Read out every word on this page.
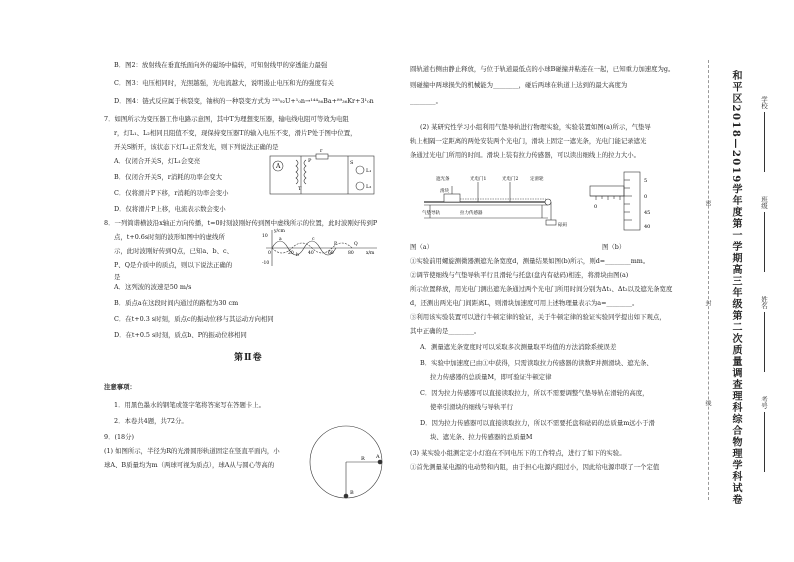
B．图2：放射线在垂直纸面向外的磁场中偏转，可知射线甲的穿透能力最强
C．图3：电压相同时，光照越强，光电流越大，说明遏止电压和光的强度有关
D．图4：链式反应属于核裂变，铀核的一种裂变方式为 ²³⁵₉₂U+¹₀n→¹⁴⁴₅₆Ba+⁸⁹₃₆Kr+3¹₀n
7．如图所示为变压器工作电路示意图，其中T为理想变压器，输电线电阻可等效为电阻
r，灯L₁、L₂相同且阻值不变，现保持变压器T的输入电压不变，滑片P处于图中位置，
开关S断开，该状态下灯L₁正常发光，则下列说法正确的是
A．仅闭合开关S，灯L₁会变亮
B．仅闭合开关S，r消耗的功率会变大
C．仅将滑片P下移，r消耗的功率会变小
D．仅将滑片P上移，电流表示数会变小
8．一列简谐横波沿x轴正方向传播，t=0时刻波刚好传到图中虚线所示的位置，此时波刚好传到P
点，t+0.6s时刻的波形如图中的虚线所
示，此时波刚好传到Q点，已知a、b、c、
P、Q是介质中的质点，则以下说法正确的
是
A．这列波的波速是50 m/s
B．质点a在这段时间内通过的路程为30 cm
C．在t+0.3 s时刻，质点c的振动位移与其运动方向相同
D．在t+0.5 s时刻，质点b、P的振动位移相同
第Ⅱ卷
注意事项：
1．用黑色墨水的钢笔或签字笔将答案写在答题卡上。
2．本卷共4题，共72分。
9．(18分)
(1) 如图所示，半径为R的光滑圆形轨道固定在竖直平面内，小
球A、B质量均为m（两球可视为质点），球A从与圆心等高的
A
T
P
r
S
L₁
L₂
y/cm
10
a
b
c
P	Q
0	20	40	60	80	x/m
-10
A
R
B
圆轨道右侧由静止释放，与位于轨道最低点的小球B碰撞并粘连在一起，已知重力加速度为g。
则碰撞中两球损失的机械能为________，碰后两球在轨道上达到的最大高度为
________。
(2) 某研究性学习小组利用气垫导轨进行物理实验，实验装置如图(a)所示，气垫导
轨上相隔一定距离的两处安装两个光电门，滑块上固定一遮光条，光电门能记录遮光
条通过光电门所用的时间。滑块上装有拉力传感器，可以读出细线上的拉力大小。
图（a）	图（b）
①实验前用螺旋测微器测遮光条宽度d，测量结果如图(b)所示，则d=________mm。
②调节使细线与气垫导轨平行且滑轮与托盘(盘内有砝码)相连，将滑块由图(a)
所示位置释放，用光电门测出遮光条通过两个光电门所用时间分别为Δt₁、Δt₂以及遮光条宽度
d，还测出两光电门间距离L，则滑块加速度可用上述物理量表示为a=________。
③利用该实验装置可以进行牛顿定律的验证，关于牛顿定律的验证实验同学提出如下观点，
其中正确的是________。
A．测量遮光条宽度时可以采取多次测量取平均值的方法消除系统误差
B．实验中加速度已由①中获得，只需读取拉力传感器的读数F并测滑块、遮光条、
拉力传感器的总质量M，即可验证牛顿定律
C．因为拉力传感器可以直接读取拉力，所以不需要调整气垫导轨在滑轮的高度，
使牵引滑块的细线与导轨平行
D．因为拉力传感器可以直接读取拉力，所以不需要托盘和砝码的总质量m远小于滑
块、遮光条、拉力传感器的总质量M
(3) 某实验小组测定定小灯泡在不同电压下的工作特点，进行了如下的实验。
①首先测量某电源的电动势和内阻，由于担心电源内阻过小，因此给电源串联了一个定值
遮光条	光电门1	光电门2	定滑轮
气垫导轨	拉力传感器
砝码
滑块
0
5
0
45
40
密
封
线	和平区2018—2019学年度第一学期高三年级第二次质量调查理科综合物理学科试卷	学校
班级
姓名
考号
